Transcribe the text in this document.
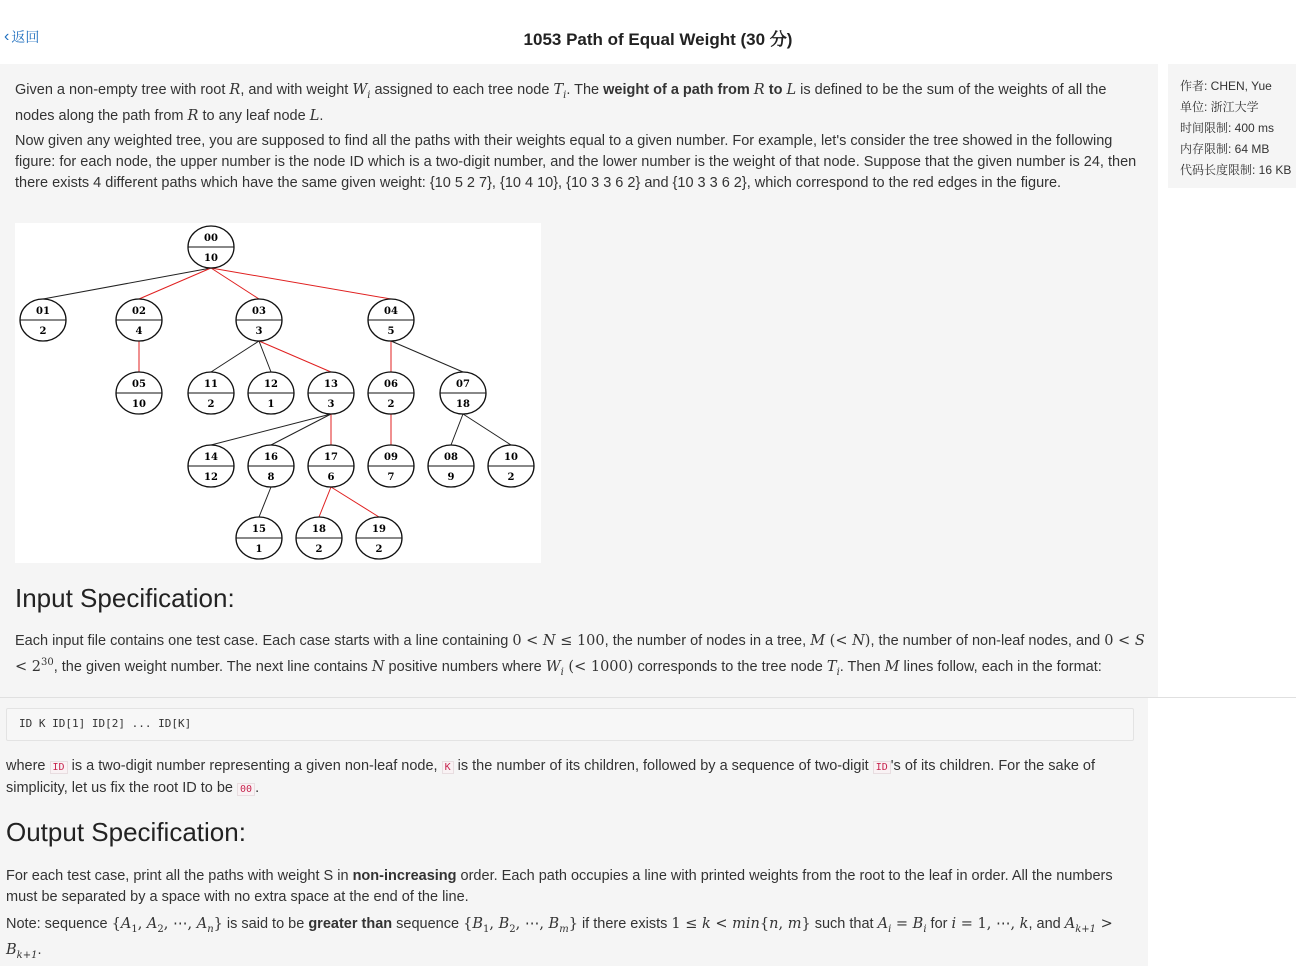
‹ 返回	1053 Path of Equal Weight (30 分)
作者: CHEN, Yue
单位: 浙江大学
时间限制: 400 ms
内存限制: 64 MB
代码长度限制: 16 KB

Given a non-empty tree with root R, and with weight $W_i$ assigned to each tree node $T_i$. The weight of a path from R to L is defined to be the sum of the weights of all the nodes along the path from R to any leaf node L.

Now given any weighted tree, you are supposed to find all the paths with their weights equal to a given number. For example, let's consider the tree showed in the following figure: for each node, the upper number is the node ID which is a two-digit number, and the lower number is the weight of that node. Suppose that the given number is 24, then there exists 4 different paths which have the same given weight: {10 5 2 7}, {10 4 10}, {10 3 3 6 2} and {10 3 3 6 2}, which correspond to the red edges in the figure.

00
10
01
2
02
4
03
3
04
5
05
10
11
2
12
1
13
3
06
2
07
18
14
12
16
8
17
6
09
7
08
9
10
2
15
1
18
2
19
2
Input Specification:

Each input file contains one test case. Each case starts with a line containing 0 < N ≤ 100, the number of nodes in a tree, M (< N), the number of non-leaf nodes, and $0 < S < 2^{30}$, the given weight number. The next line contains N positive numbers where $W_i$ (< 1000) corresponds to the tree node $T_i$. Then M lines follow, each in the format:

ID K ID[1] ID[2] ... ID[K]

where ID is a two-digit number representing a given non-leaf node, K is the number of its children, followed by a sequence of two-digit ID 's of its children. For the sake of simplicity, let us fix the root ID to be 00 .

Output Specification:

For each test case, print all the paths with weight S in non-increasing order. Each path occupies a line with printed weights from the root to the leaf in order. All the numbers must be separated by a space with no extra space at the end of the line.

Note: sequence {$A_1$, $A_2$, ⋯, $A_n$} is said to be greater than sequence {$B_1$, $B_2$, ⋯, $B_m$} if there exists 1 ≤ k < min{n, m} such that $A_i = B_i$ for i = 1, ⋯, k, and $A_{k+1} > B_{k+1}$.
